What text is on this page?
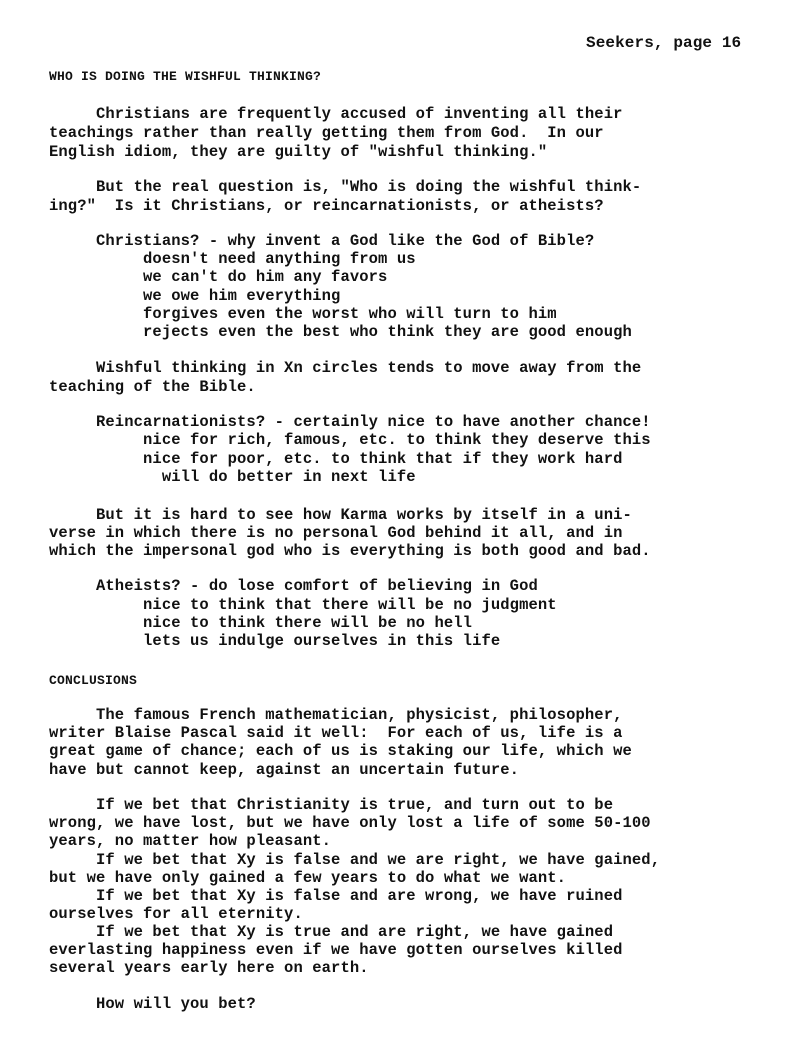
Seekers, page 16
WHO IS DOING THE WISHFUL THINKING?
Christians are frequently accused of inventing all their
teachings rather than really getting them from God.  In our
English idiom, they are guilty of "wishful thinking."
But the real question is, "Who is doing the wishful think-
ing?"  Is it Christians, or reincarnationists, or atheists?
Christians? - why invent a God like the God of Bible?
doesn't need anything from us
we can't do him any favors
we owe him everything
forgives even the worst who will turn to him
rejects even the best who think they are good enough
Wishful thinking in Xn circles tends to move away from the
teaching of the Bible.
Reincarnationists? - certainly nice to have another chance!
nice for rich, famous, etc. to think they deserve this
nice for poor, etc. to think that if they work hard
will do better in next life
But it is hard to see how Karma works by itself in a uni-
verse in which there is no personal God behind it all, and in
which the impersonal god who is everything is both good and bad.
Atheists? - do lose comfort of believing in God
nice to think that there will be no judgment
nice to think there will be no hell
lets us indulge ourselves in this life
CONCLUSIONS
The famous French mathematician, physicist, philosopher,
writer Blaise Pascal said it well:  For each of us, life is a
great game of chance; each of us is staking our life, which we
have but cannot keep, against an uncertain future.
If we bet that Christianity is true, and turn out to be
wrong, we have lost, but we have only lost a life of some 50-100
years, no matter how pleasant.
If we bet that Xy is false and we are right, we have gained,
but we have only gained a few years to do what we want.
If we bet that Xy is false and are wrong, we have ruined
ourselves for all eternity.
If we bet that Xy is true and are right, we have gained
everlasting happiness even if we have gotten ourselves killed
several years early here on earth.
How will you bet?
